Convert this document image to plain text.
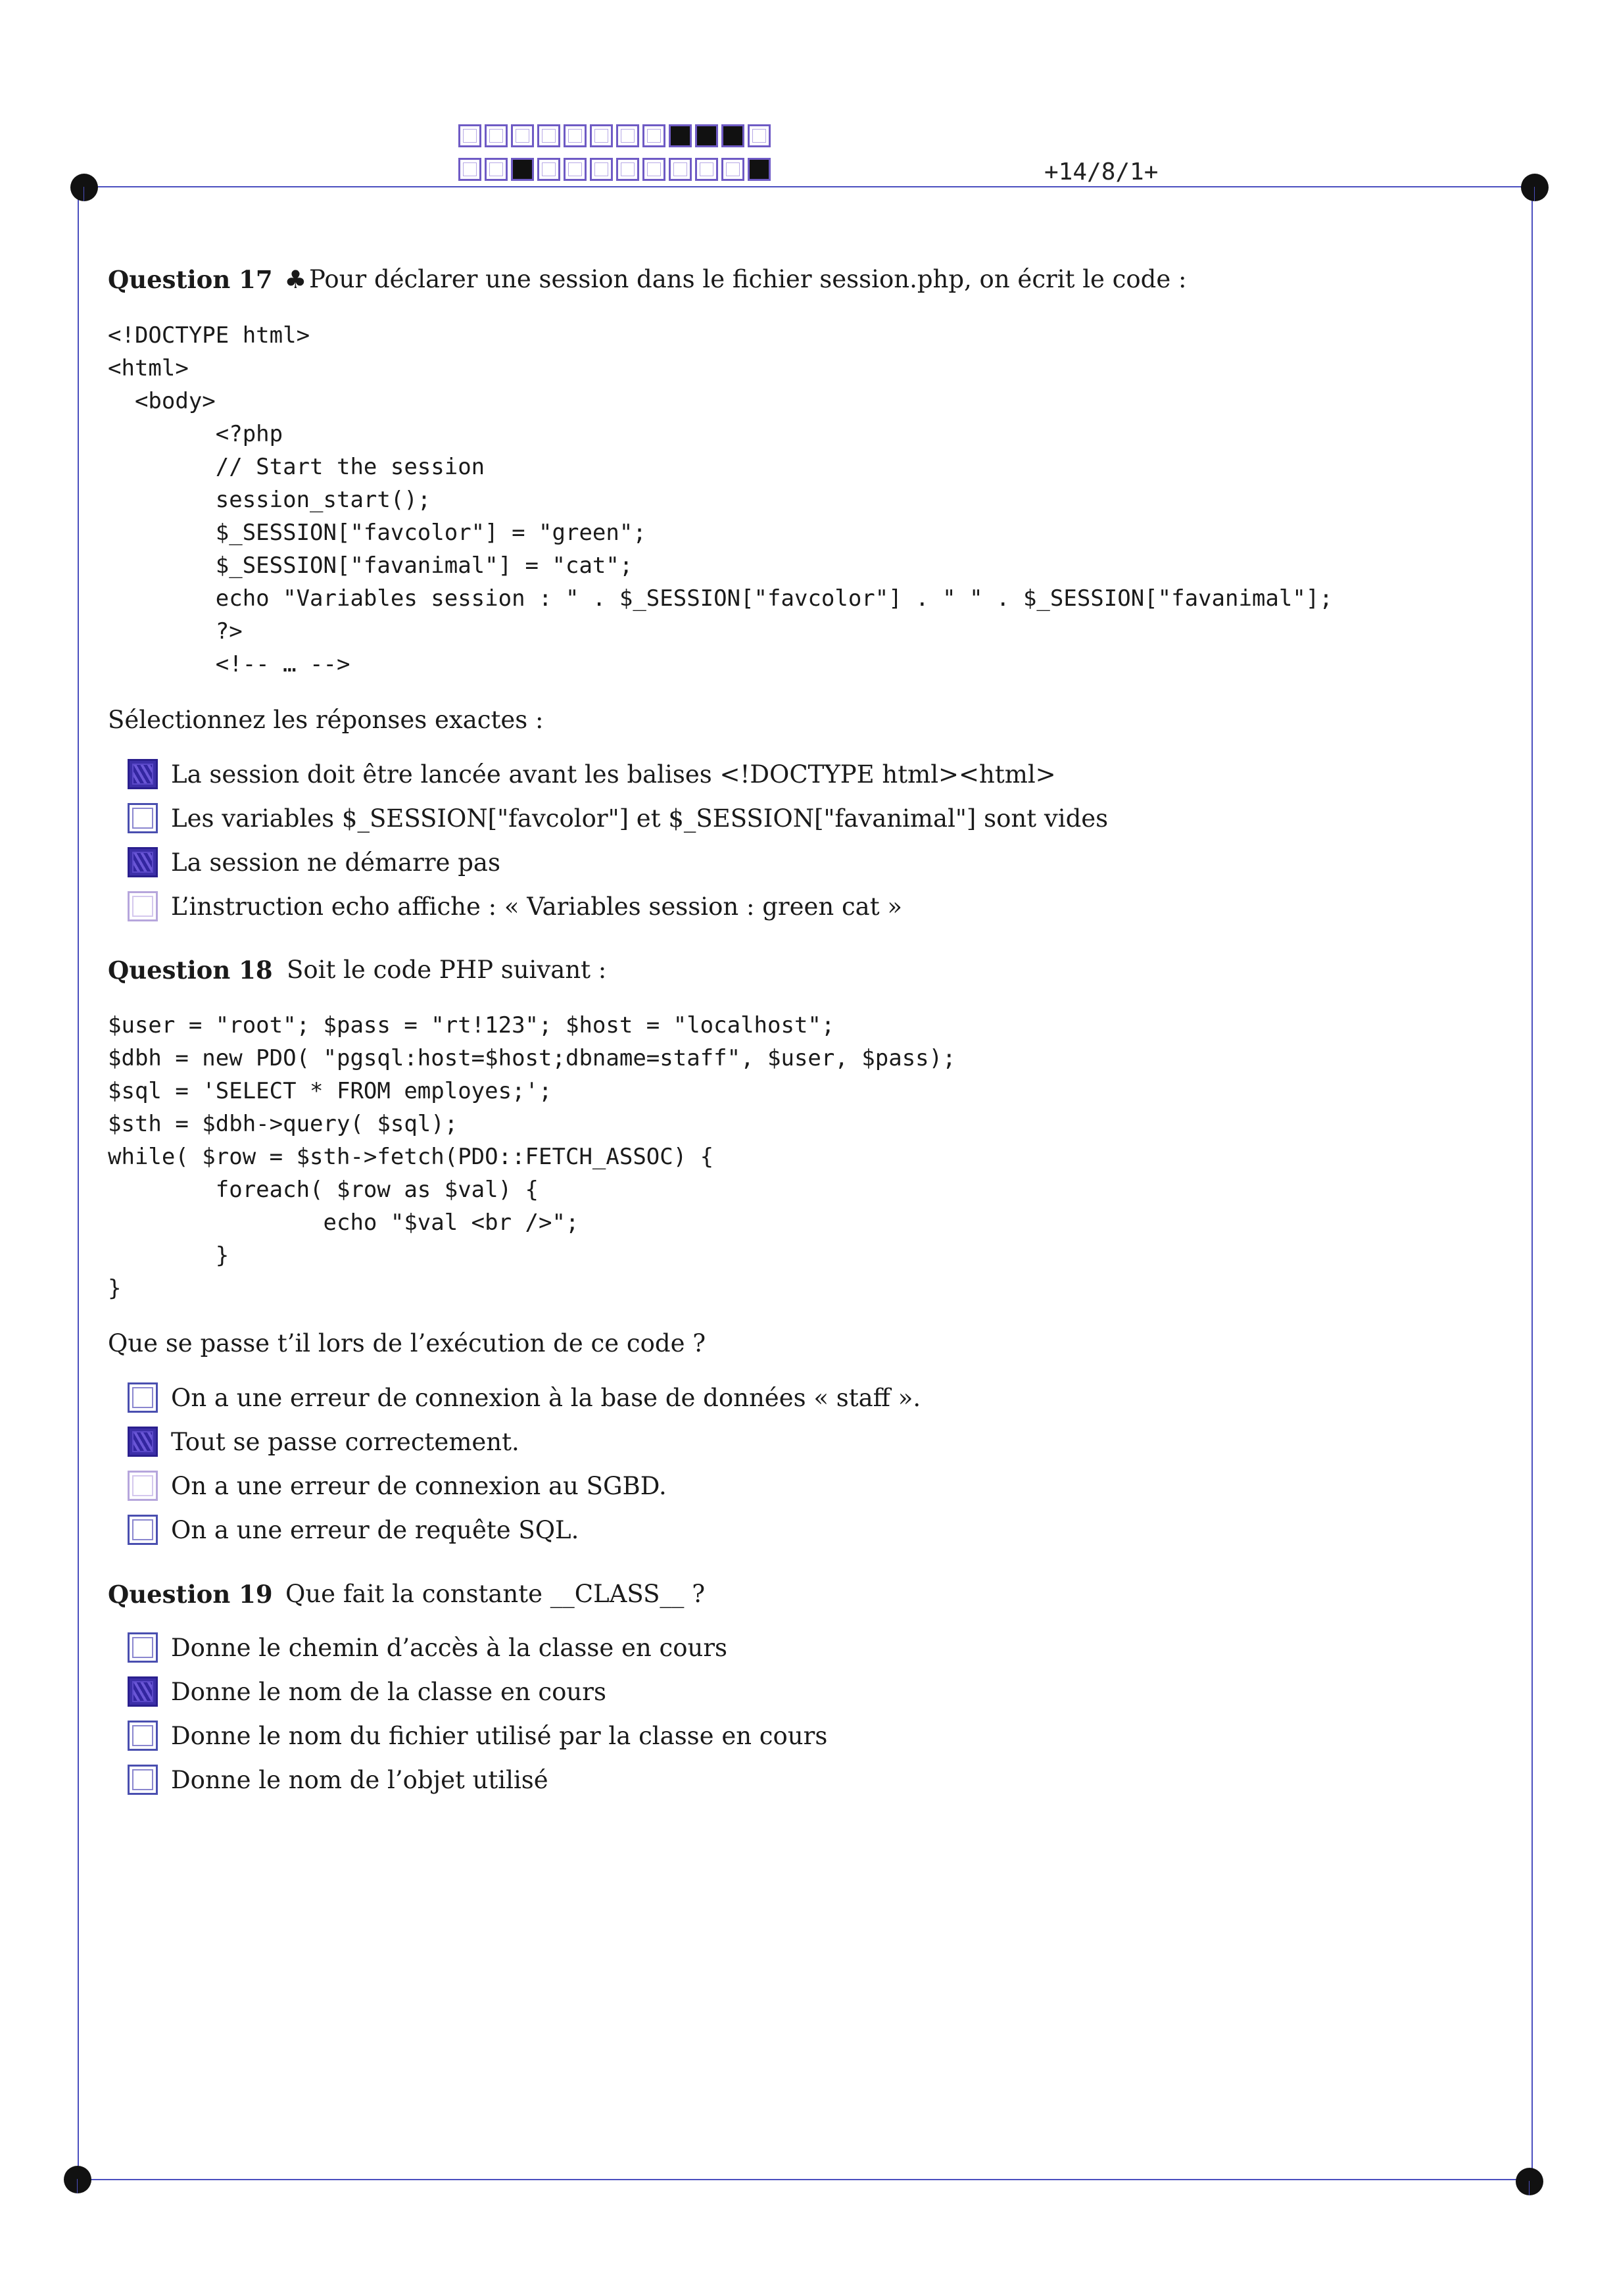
+14/8/1+
Question 17 ♣ Pour déclarer une session dans le fichier session.php, on écrit le code :
<!DOCTYPE html>
<html>
<body>
<?php
// Start the session
session_start();
$_SESSION["favcolor"] = "green";
$_SESSION["favanimal"] = "cat";
echo "Variables session : " . $_SESSION["favcolor"] . " " . $_SESSION["favanimal"];
?>
<!-- … -->
Sélectionnez les réponses exactes :
La session doit être lancée avant les balises <!DOCTYPE html><html>
Les variables $_SESSION["favcolor"] et $_SESSION["favanimal"] sont vides
La session ne démarre pas
L’instruction echo affiche : « Variables session : green cat »
Question 18 Soit le code PHP suivant :
$user = "root"; $pass = "rt!123"; $host = "localhost";
$dbh = new PDO( "pgsql:host=$host;dbname=staff", $user, $pass);
$sql = 'SELECT * FROM employes;';
$sth = $dbh->query( $sql);
while( $row = $sth->fetch(PDO::FETCH_ASSOC) {
foreach( $row as $val) {
echo "$val <br />";
}
}
Que se passe t’il lors de l’exécution de ce code ?
On a une erreur de connexion à la base de données « staff ».
Tout se passe correctement.
On a une erreur de connexion au SGBD.
On a une erreur de requête SQL.
Question 19 Que fait la constante __CLASS__ ?
Donne le chemin d’accès à la classe en cours
Donne le nom de la classe en cours
Donne le nom du fichier utilisé par la classe en cours
Donne le nom de l’objet utilisé
